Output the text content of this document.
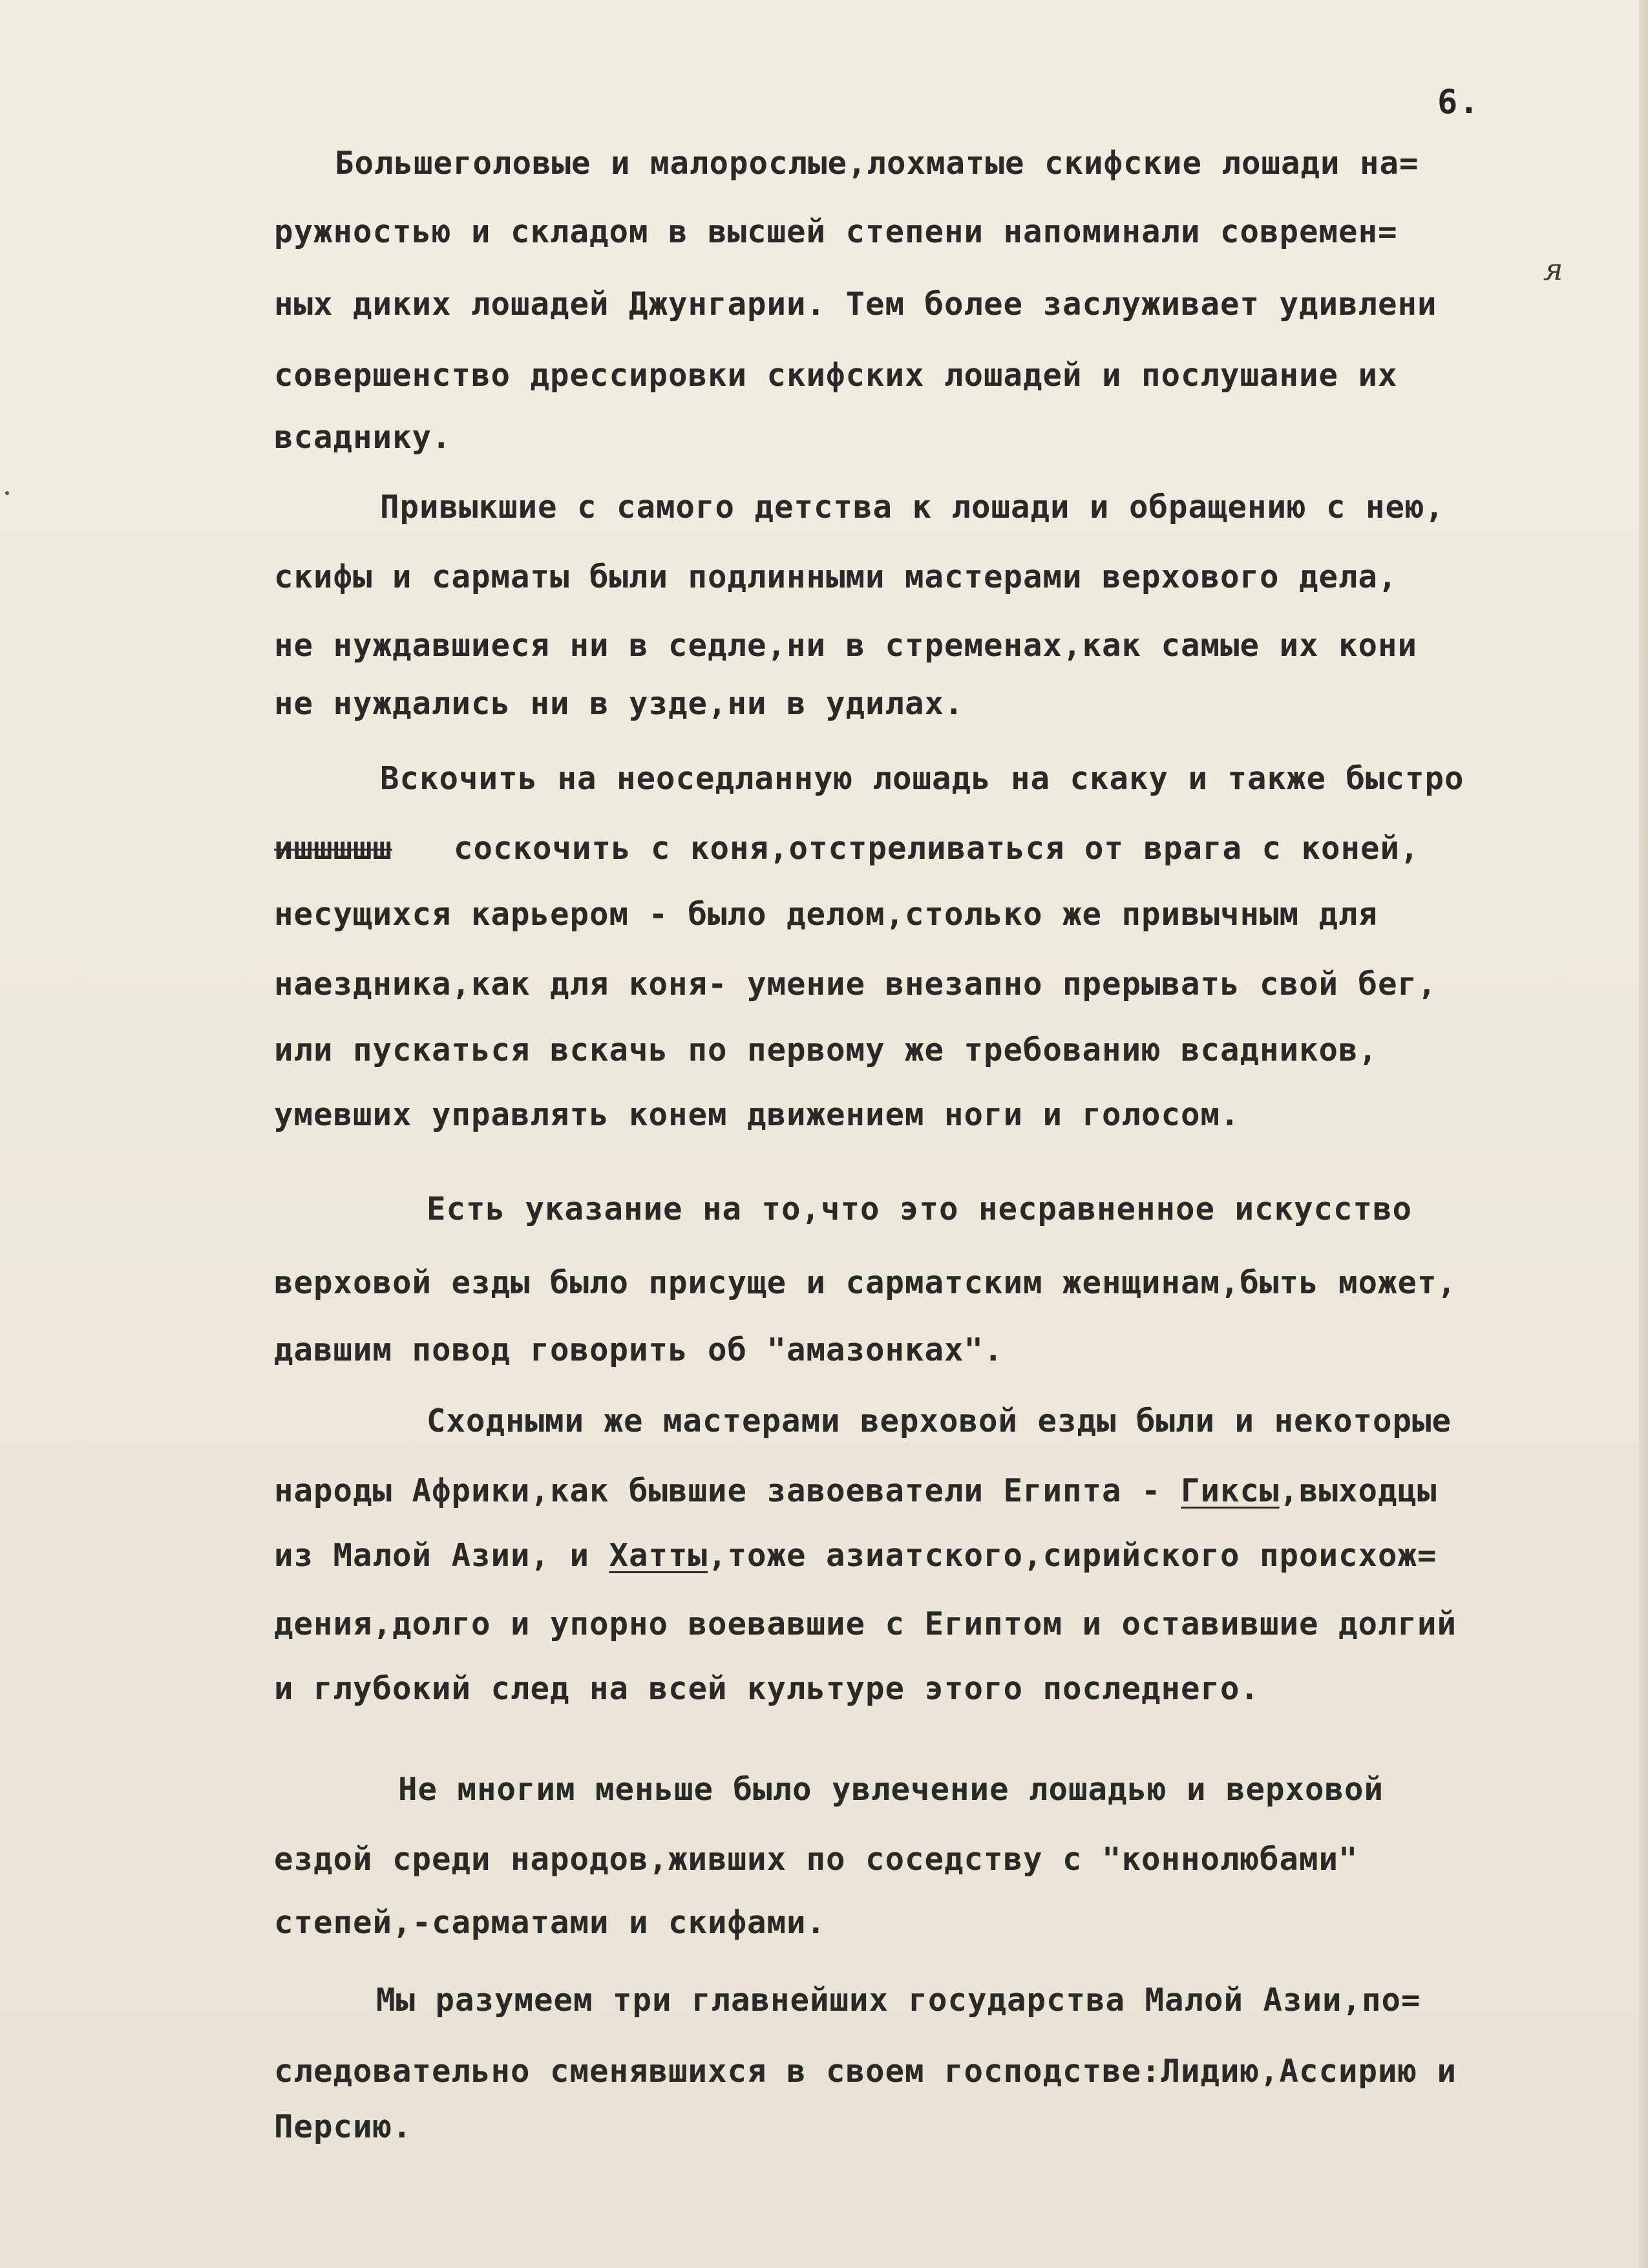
6.
я
Большеголовые и малорослые,лохматые скифские лошади на=
ружностью и складом в высшей степени напоминали современ=
ных диких лошадей Джунгарии. Тем более заслуживает удивлени
совершенство дрессировки скифских лошадей и послушание их
всаднику.
Привыкшие с самого детства к лошади и обращению с нею,
скифы и сарматы были подлинными мастерами верхового дела,
не нуждавшиеся ни в седле,ни в стременах,как самые их кони
не нуждались ни в узде,ни в удилах.
Вскочить на неоседланную лошадь на скаку и также быстро
ишшшшш соскочить с коня,отстреливаться от врага с коней,
несущихся карьером - было делом,столько же привычным для
наездника,как для коня- умение внезапно прерывать свой бег,
или пускаться вскачь по первому же требованию всадников,
умевших управлять конем движением ноги и голосом.
Есть указание на то,что это несравненное искусство
верховой езды было присуще и сарматским женщинам,быть может,
давшим повод говорить об "амазонках".
Сходными же мастерами верховой езды были и некоторые
народы Африки,как бывшие завоеватели Египта - Гиксы,выходцы
из Малой Азии, и Хатты,тоже азиатского,сирийского происхож=
дения,долго и упорно воевавшие с Египтом и оставившие долгий
и глубокий след на всей культуре этого последнего.
Не многим меньше было увлечение лошадью и верховой
ездой среди народов,живших по соседству с "коннолюбами"
степей,-сарматами и скифами.
Мы разумеем три главнейших государства Малой Азии,по=
следовательно сменявшихся в своем господстве:Лидию,Ассирию и
Персию.
